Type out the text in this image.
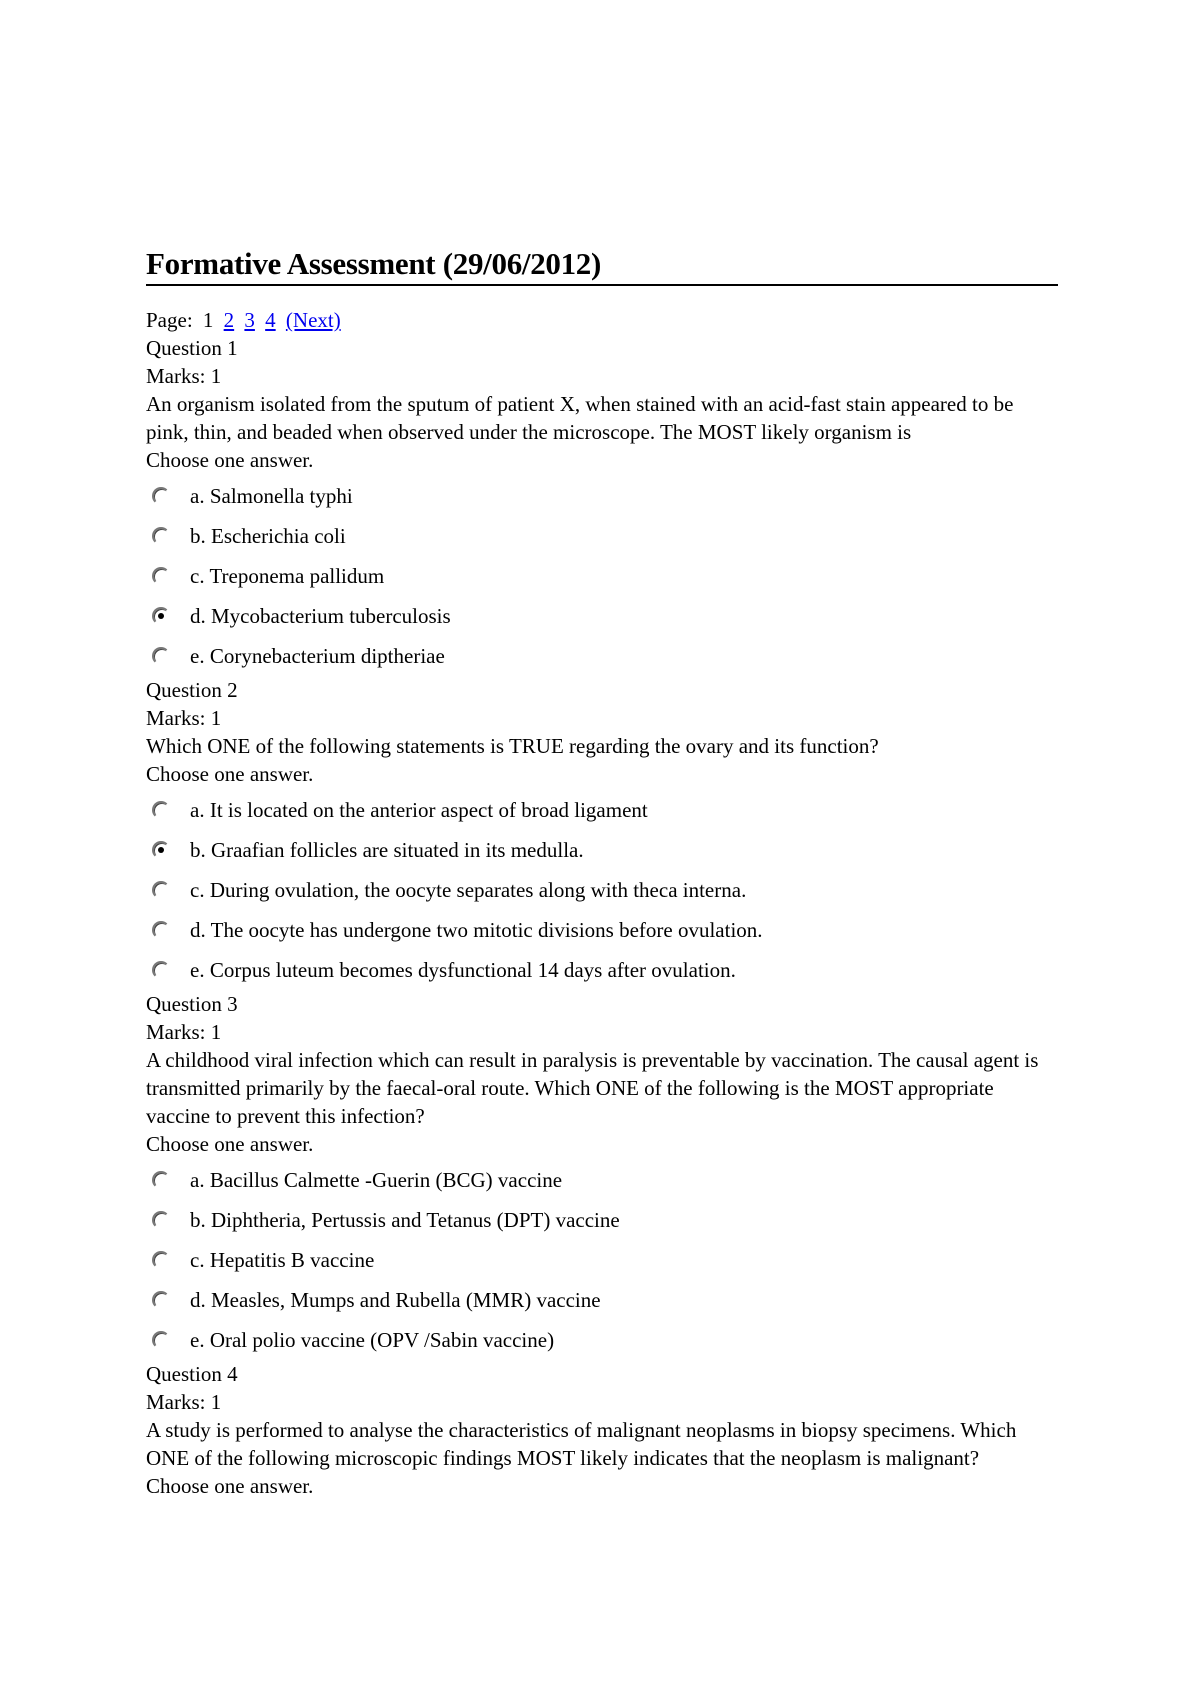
Formative Assessment (29/06/2012)
Page: 1 2 3 4 (Next)
Question 1
Marks: 1

An organism isolated from the sputum of patient X, when stained with an acid-fast stain appeared to be pink, thin, and beaded when observed under the microscope. The MOST likely organism is

Choose one answer.
a. Salmonella typhi
b. Escherichia coli
c. Treponema pallidum
d. Mycobacterium tuberculosis
e. Corynebacterium diptheriae
Question 2
Marks: 1

Which ONE of the following statements is TRUE regarding the ovary and its function?

Choose one answer.
a. It is located on the anterior aspect of broad ligament
b. Graafian follicles are situated in its medulla.
c. During ovulation, the oocyte separates along with theca interna.
d. The oocyte has undergone two mitotic divisions before ovulation.
e. Corpus luteum becomes dysfunctional 14 days after ovulation.
Question 3
Marks: 1

A childhood viral infection which can result in paralysis is preventable by vaccination. The causal agent is transmitted primarily by the faecal-oral route. Which ONE of the following is the MOST appropriate vaccine to prevent this infection?

Choose one answer.
a. Bacillus Calmette -Guerin (BCG) vaccine
b. Diphtheria, Pertussis and Tetanus (DPT) vaccine
c. Hepatitis B vaccine
d. Measles, Mumps and Rubella (MMR) vaccine
e. Oral polio vaccine (OPV /Sabin vaccine)
Question 4
Marks: 1

A study is performed to analyse the characteristics of malignant neoplasms in biopsy specimens. Which ONE of the following microscopic findings MOST likely indicates that the neoplasm is malignant?

Choose one answer.
